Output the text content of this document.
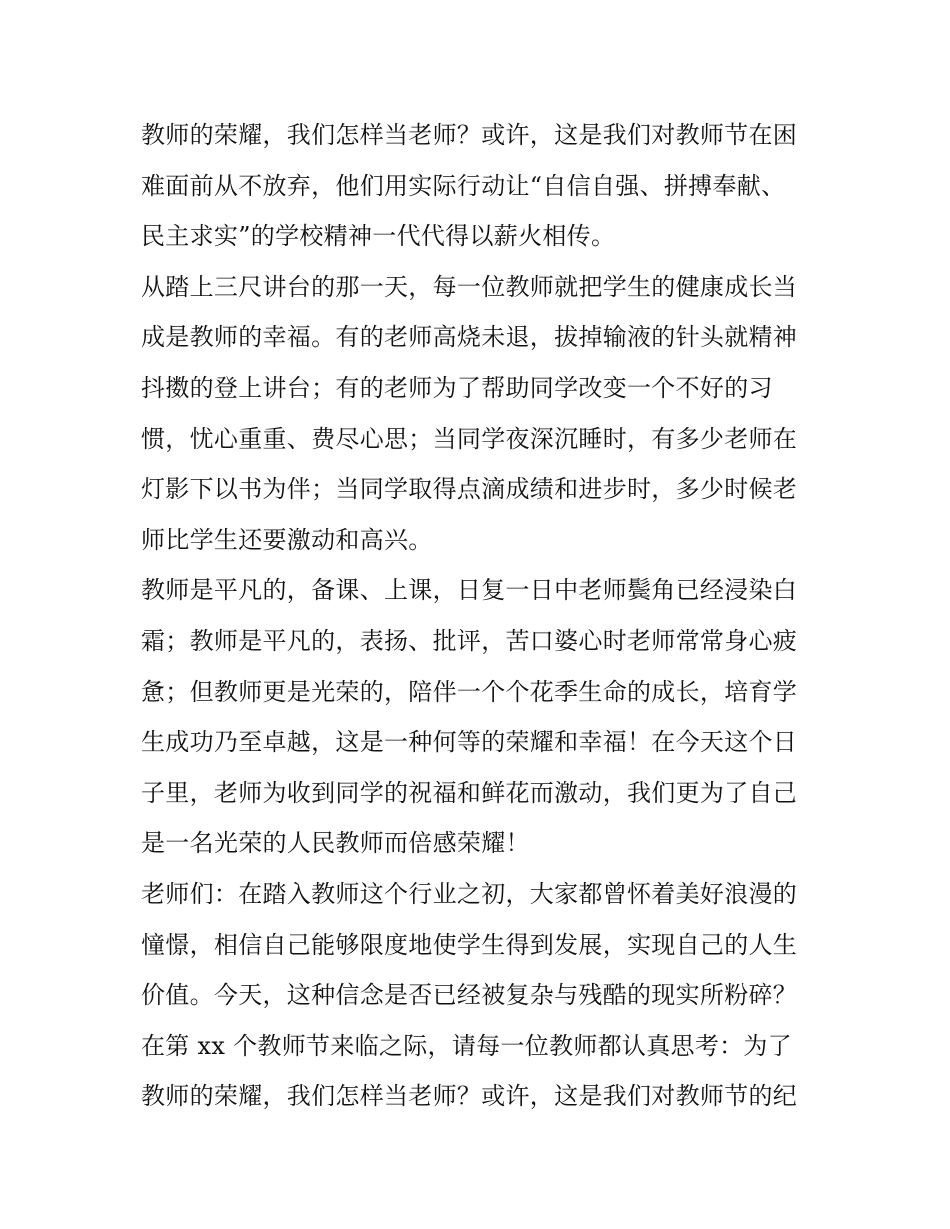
教师的荣耀，我们怎样当老师？或许，这是我们对教师节在困
难面前从不放弃，他们用实际行动让“自信自强、拼搏奉献、
民主求实”的学校精神一代代得以薪火相传。
从踏上三尺讲台的那一天，每一位教师就把学生的健康成长当
成是教师的幸福。有的老师高烧未退，拔掉输液的针头就精神
抖擞的登上讲台；有的老师为了帮助同学改变一个不好的习
惯，忧心重重、费尽心思；当同学夜深沉睡时，有多少老师在
灯影下以书为伴；当同学取得点滴成绩和进步时，多少时候老
师比学生还要激动和高兴。
教师是平凡的，备课、上课，日复一日中老师鬓角已经浸染白
霜；教师是平凡的，表扬、批评，苦口婆心时老师常常身心疲
惫；但教师更是光荣的，陪伴一个个花季生命的成长，培育学
生成功乃至卓越，这是一种何等的荣耀和幸福！在今天这个日
子里，老师为收到同学的祝福和鲜花而激动，我们更为了自己
是一名光荣的人民教师而倍感荣耀！
老师们：在踏入教师这个行业之初，大家都曾怀着美好浪漫的
憧憬，相信自己能够限度地使学生得到发展，实现自己的人生
价值。今天，这种信念是否已经被复杂与残酷的现实所粉碎？
在第 xx 个教师节来临之际，请每一位教师都认真思考：为了
教师的荣耀，我们怎样当老师？或许，这是我们对教师节的纪
